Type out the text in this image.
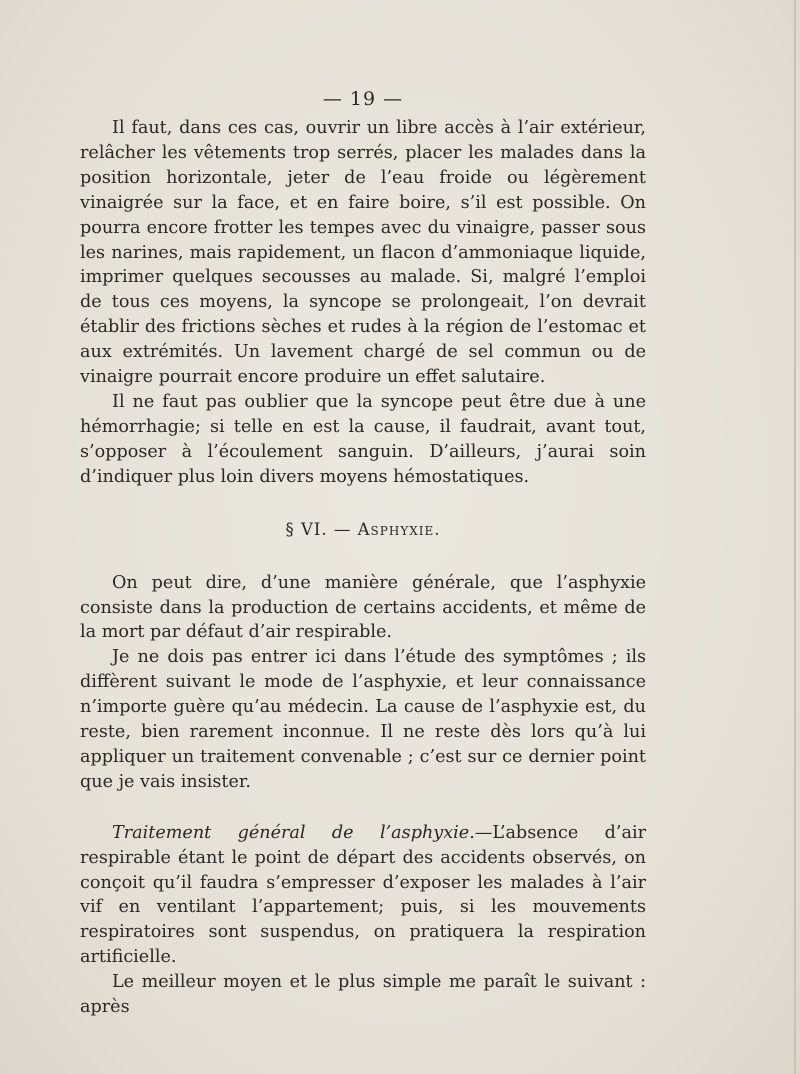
— 19 —

Il faut, dans ces cas, ouvrir un libre accès à l’air extérieur, relâcher les vêtements trop serrés, placer les malades dans la position horizontale, jeter de l’eau froide ou légèrement vinaigrée sur la face, et en faire boire, s’il est possible. On pourra encore frotter les tempes avec du vinaigre, passer sous les narines, mais rapidement, un flacon d’ammoniaque liquide, imprimer quelques secousses au malade. Si, malgré l’emploi de tous ces moyens, la syncope se prolongeait, l’on devrait établir des frictions sèches et rudes à la région de l’estomac et aux extrémités. Un lavement chargé de sel commun ou de vinaigre pourrait encore produire un effet salutaire.

Il ne faut pas oublier que la syncope peut être due à une hémorrhagie; si telle en est la cause, il faudrait, avant tout, s’opposer à l’écoulement sanguin. D’ailleurs, j’aurai soin d’indiquer plus loin divers moyens hémostatiques.

§ VI. — Asphyxie.

On peut dire, d’une manière générale, que l’asphyxie consiste dans la production de certains accidents, et même de la mort par défaut d’air respirable.

Je ne dois pas entrer ici dans l’étude des symptômes ; ils diffèrent suivant le mode de l’asphyxie, et leur connaissance n’importe guère qu’au médecin. La cause de l’asphyxie est, du reste, bien rarement inconnue. Il ne reste dès lors qu’à lui appliquer un traitement convenable ; c’est sur ce dernier point que je vais insister.

Traitement général de l’asphyxie.—L’absence d’air respirable étant le point de départ des accidents observés, on conçoit qu’il faudra s’empresser d’exposer les malades à l’air vif en ventilant l’appartement; puis, si les mouvements respiratoires sont suspendus, on pratiquera la respiration artificielle.

Le meilleur moyen et le plus simple me paraît le suivant : après
